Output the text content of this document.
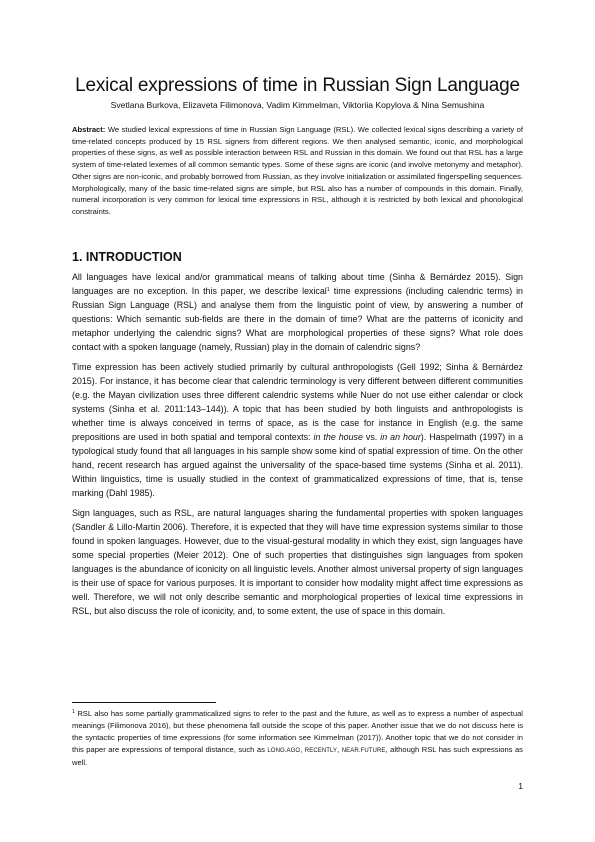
Lexical expressions of time in Russian Sign Language
Svetlana Burkova, Elizaveta Filimonova, Vadim Kimmelman, Viktoriia Kopylova & Nina Semushina

Abstract: We studied lexical expressions of time in Russian Sign Language (RSL). We collected lexical signs describing a variety of time-related concepts produced by 15 RSL signers from different regions. We then analysed semantic, iconic, and morphological properties of these signs, as well as possible interaction between RSL and Russian in this domain. We found out that RSL has a large system of time-related lexemes of all common semantic types. Some of these signs are iconic (and involve metonymy and metaphor). Other signs are non-iconic, and probably borrowed from Russian, as they involve initialization or assimilated fingerspelling sequences. Morphologically, many of the basic time-related signs are simple, but RSL also has a number of compounds in this domain. Finally, numeral incorporation is very common for lexical time expressions in RSL, although it is restricted by both lexical and phonological constraints.

1. INTRODUCTION

All languages have lexical and/or grammatical means of talking about time (Sinha & Bernárdez 2015). Sign languages are no exception. In this paper, we describe lexical$^1$ time expressions (including calendric terms) in Russian Sign Language (RSL) and analyse them from the linguistic point of view, by answering a number of questions: Which semantic sub-fields are there in the domain of time? What are the patterns of iconicity and metaphor underlying the calendric signs? What are morphological properties of these signs? What role does contact with a spoken language (namely, Russian) play in the domain of calendric signs?

Time expression has been actively studied primarily by cultural anthropologists (Gell 1992; Sinha & Bernárdez 2015). For instance, it has become clear that calendric terminology is very different between different communities (e.g. the Mayan civilization uses three different calendric systems while Nuer do not use either calendar or clock systems (Sinha et al. 2011:143–144)). A topic that has been studied by both linguists and anthropologists is whether time is always conceived in terms of space, as is the case for instance in English (e.g. the same prepositions are used in both spatial and temporal contexts: in the house vs. in an hour). Haspelmath (1997) in a typological study found that all languages in his sample show some kind of spatial expression of time. On the other hand, recent research has argued against the universality of the space-based time systems (Sinha et al. 2011). Within linguistics, time is usually studied in the context of grammaticalized expressions of time, that is, tense marking (Dahl 1985).

Sign languages, such as RSL, are natural languages sharing the fundamental properties with spoken languages (Sandler & Lillo-Martin 2006). Therefore, it is expected that they will have time expression systems similar to those found in spoken languages. However, due to the visual-gestural modality in which they exist, sign languages have some special properties (Meier 2012). One of such properties that distinguishes sign languages from spoken languages is the abundance of iconicity on all linguistic levels. Another almost universal property of sign languages is their use of space for various purposes. It is important to consider how modality might affect time expressions as well. Therefore, we will not only describe semantic and morphological properties of lexical time expressions in RSL, but also discuss the role of iconicity, and, to some extent, the use of space in this domain.

$^1$ RSL also has some partially grammaticalized signs to refer to the past and the future, as well as to express a number of aspectual meanings (Filimonova 2016), but these phenomena fall outside the scope of this paper. Another issue that we do not discuss here is the syntactic properties of time expressions (for some information see Kimmelman (2017)). Another topic that we do not consider in this paper are expressions of temporal distance, such as LONG.AGO, RECENTLY, NEAR.FUTURE, although RSL has such expressions as well.

1
